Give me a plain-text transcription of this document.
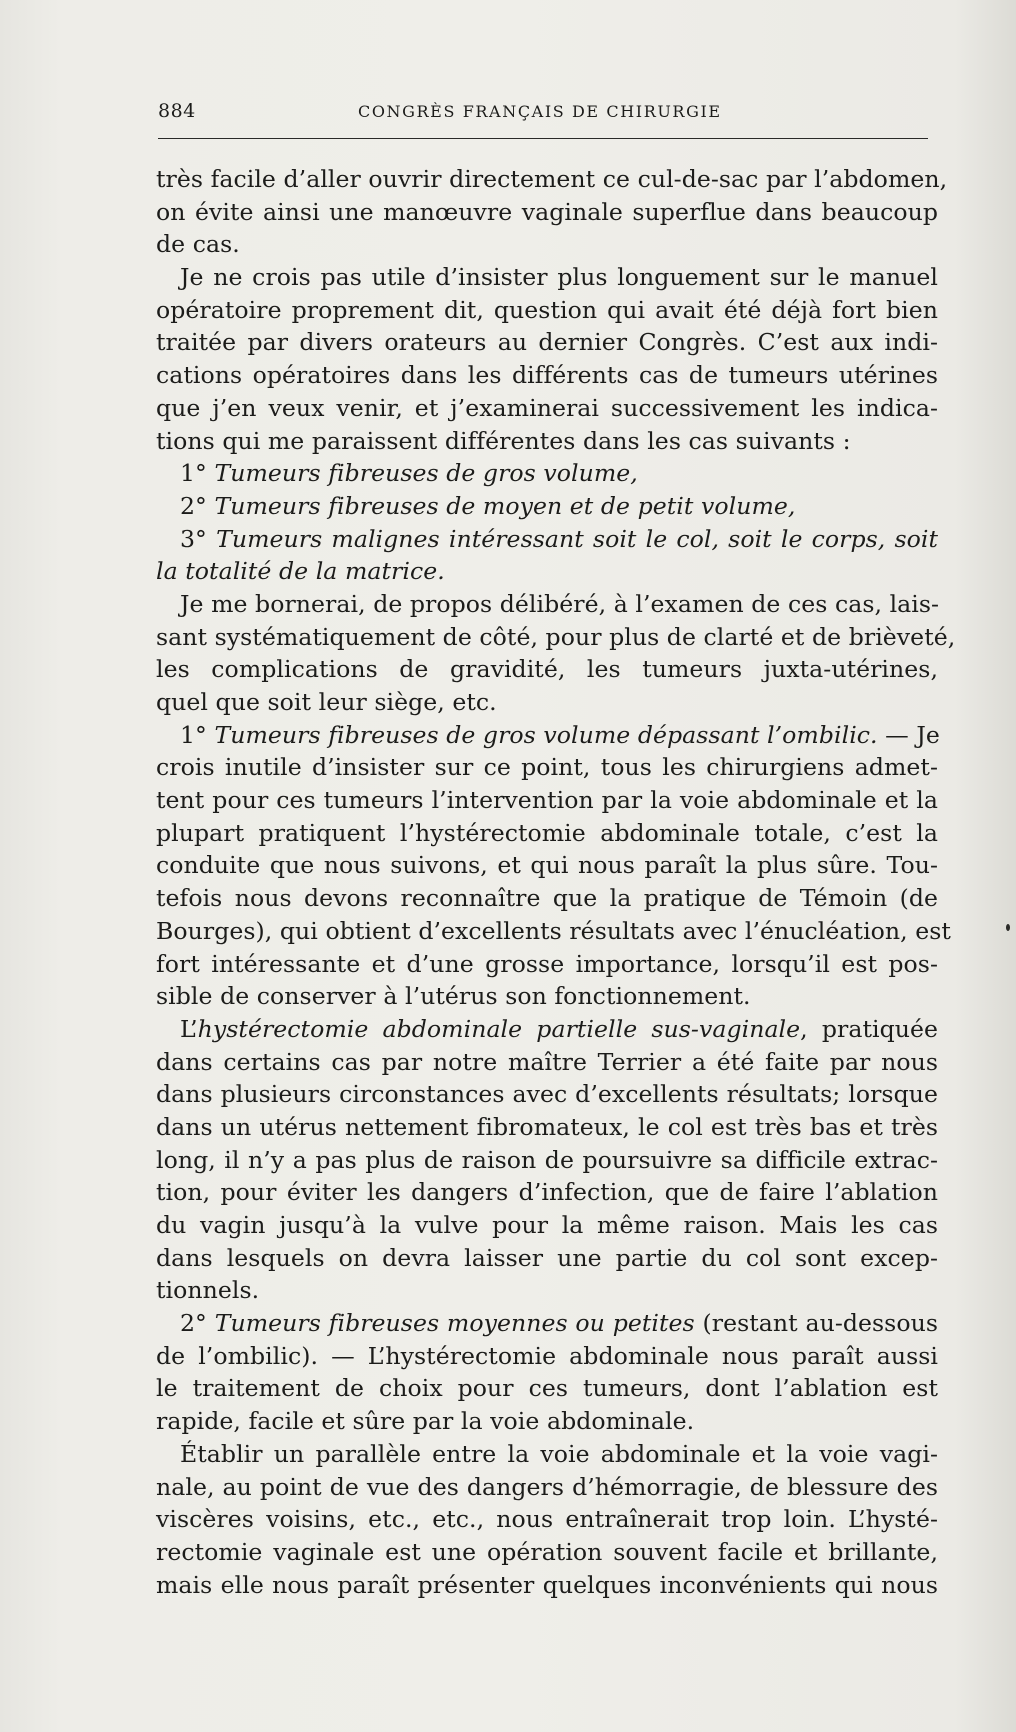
884	CONGRÈS FRANÇAIS DE CHIRURGIE
très facile d’aller ouvrir directement ce cul-de-sac par l’abdomen,
on évite ainsi une manœuvre vaginale superflue dans beaucoup
de cas.
Je ne crois pas utile d’insister plus longuement sur le manuel
opératoire proprement dit, question qui avait été déjà fort bien
traitée par divers orateurs au dernier Congrès. C’est aux indi-
cations opératoires dans les différents cas de tumeurs utérines
que j’en veux venir, et j’examinerai successivement les indica-
tions qui me paraissent différentes dans les cas suivants :
1° Tumeurs fibreuses de gros volume,
2° Tumeurs fibreuses de moyen et de petit volume,
3° Tumeurs malignes intéressant soit le col, soit le corps, soit
la totalité de la matrice.
Je me bornerai, de propos délibéré, à l’examen de ces cas, lais-
sant systématiquement de côté, pour plus de clarté et de brièveté,
les complications de gravidité, les tumeurs juxta-utérines,
quel que soit leur siège, etc.
1° Tumeurs fibreuses de gros volume dépassant l’ombilic. — Je
crois inutile d’insister sur ce point, tous les chirurgiens admet-
tent pour ces tumeurs l’intervention par la voie abdominale et la
plupart pratiquent l’hystérectomie abdominale totale, c’est la
conduite que nous suivons, et qui nous paraît la plus sûre. Tou-
tefois nous devons reconnaître que la pratique de Témoin (de
Bourges), qui obtient d’excellents résultats avec l’énucléation, est
fort intéressante et d’une grosse importance, lorsqu’il est pos-
sible de conserver à l’utérus son fonctionnement.
L’hystérectomie abdominale partielle sus-vaginale, pratiquée
dans certains cas par notre maître Terrier a été faite par nous
dans plusieurs circonstances avec d’excellents résultats; lorsque
dans un utérus nettement fibromateux, le col est très bas et très
long, il n’y a pas plus de raison de poursuivre sa difficile extrac-
tion, pour éviter les dangers d’infection, que de faire l’ablation
du vagin jusqu’à la vulve pour la même raison. Mais les cas
dans lesquels on devra laisser une partie du col sont excep-
tionnels.
2° Tumeurs fibreuses moyennes ou petites (restant au-dessous
de l’ombilic). — L’hystérectomie abdominale nous paraît aussi
le traitement de choix pour ces tumeurs, dont l’ablation est
rapide, facile et sûre par la voie abdominale.
Établir un parallèle entre la voie abdominale et la voie vagi-
nale, au point de vue des dangers d’hémorragie, de blessure des
viscères voisins, etc., etc., nous entraînerait trop loin. L’hysté-
rectomie vaginale est une opération souvent facile et brillante,
mais elle nous paraît présenter quelques inconvénients qui nous
